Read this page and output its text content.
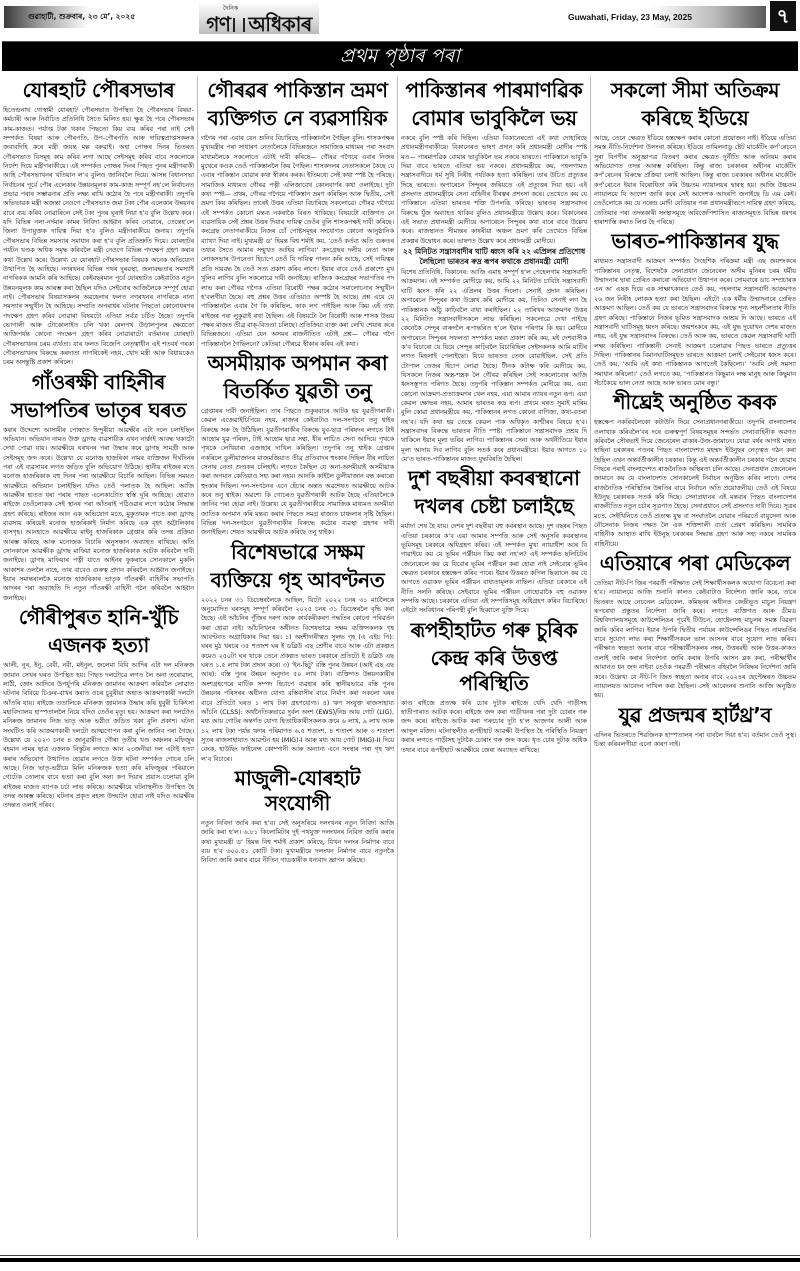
গুৱাহাটী, শুক্ৰবাৰ, ২৩ মে’, ২০২৫
দৈনিক
গণ অধিকাৰ	Guwahati, Friday, 23 May, 2025	৭
প্ৰথম পৃষ্ঠাৰ পৰা
যোৰহাট পৌৰসভাৰ

হিতেন্দ্ৰনাথ গোস্বামী যোৰহাট পৌৰসভাত উপস্থিত হৈ পৌৰসভাৰ বিষয়া-কৰ্মচাৰী আৰু নিৰ্বাচিত প্ৰতিনিধি সৈতে মিলিত হয়। ক্ষুব্ধ হৈ পৰে পৌৰসভাৰ কাম-কাজত। পৰ্যাপ্ত টকা থকাৰ পিছতো কিয় ব্যয় কৰিব পৰা নাই সেই সম্পৰ্কত বিষয়া আৰু পৌৰপতি, উপ-পৌৰপতি আৰু দায়িত্বপ্ৰাপ্তসকলক জবাবদিহি কৰে মন্ত্ৰী জয়ন্ত মল্ল বৰুৱাই। অহা পোন্ধৰ দিনৰ ভিতৰত পৌৰসভাত বিসমূহ কাম কৰিব লগা আছে সেইসমূহ কৰিব বাবে সকলোকে নিৰ্দেশ দিয়ে মন্ত্ৰীগৰাকীয়ে। এই সম্পৰ্কত পোন্ধৰ দিনৰ পিছত পুনৰ মন্ত্ৰীগৰাকী আহি পৌৰসভাখনৰ খতিয়ান ল’ব বুলিও জানিবলৈ দিয়ে। আসন্ন বিধানসভা নিৰ্বাচনৰ পূৰ্বে পৌৰ এলেকাৰ উন্নয়নমূলক কাম-কাজ সম্পূৰ্ণ নহ’লে নিৰ্বাচনত প্ৰভাৱ পৰাৰ সম্ভাৱনাৰ প্ৰতি লক্ষ্য ৰাখি কঠোৰ হৈ পৰে মন্ত্ৰীগৰাকী। তদুপৰি অভিভাৱক মন্ত্ৰী অজন্তা নেওগে পৌৰসভাত জমা টকা পৌৰ এলেকাৰ উন্নয়নৰ বাবে ব্যয় কৰিব নোৱাৰিলে সেই টকা পুনৰ ঘূৰাই নিয়া হ’ব বুলি উল্লেখ কৰে। যদি বিভিন্ন নলা-নৰ্দমাৰ কামৰ নিবিদা আহ্বান কৰিব নোৱাৰে, তেন্তেহ’লে জিলা উপায়ুক্তক দায়িত্ব দিয়া হ’ব বুলিও মন্ত্ৰীগৰাকীয়ে জনায়। তদুপৰি পৌৰসভাৰ বিভিন্ন সমস্যাৰ সমাধান কৰা হ’ব বুলি প্ৰতিশ্ৰুতি দিয়ে। যোৰহাটৰ পৰ্যটন খণ্ডক অধিক সমৃদ্ধ কৰিবলৈ মন্ত্ৰী নেওগে বিভিন্ন পদক্ষেপ গ্ৰহণ কৰাৰ কথা উল্লেখ কৰে। উল্লেখ্য যে যোৰহাট পৌৰসভাৰ বিষয়ক অনেক অভিযোগ উত্থাপিত হৈ আহিছে। নগৰখনৰ বিভিন্ন পথৰ দুৰৱস্থা, জলাবদ্ধতাৰ সমস্যাই নাগৰিকক আমনি কৰি আহিছে। কেইবছৰমান পূৰ্বে যোৰহাটত কেইবাটাও নতুন উন্নয়নমূলক কাম আৰম্ভ কৰা হৈছিল যদিও সেইবোৰ আজিলৈকে সম্পূৰ্ণ হোৱা নাই। পৌৰসভাৰ বিষয়াসকলৰ অৱহেলাৰ ফলত নগৰখনৰ নাগৰিকে নানা সমস্যাৰ সন্মুখীন হৈ আহিছে। সম্প্ৰতি অপৰাধৰ ঘটনাৰ পিছতো কোনোধৰণৰ পদক্ষেপ গ্ৰহণ কৰিব নোৱাৰা বিষয়টো এতিয়া সৰ্বত্ৰ চৰ্চিত হৈছে। তদুপৰি ভোগালী আৰু টোকোলাইত চলি থকা ৰেলপথ উড়ালপুলৰ ক্ষেত্ৰতো আজিপৰ্যন্ত কোনো পদক্ষেপ গ্ৰহণ কৰিব নোৱাৰাটো বৰ্তমানৰ যোৰহাট পৌৰসভাখনৰ চৰম ব্যৰ্থতা। যাৰ ফলত বিজেপি নেতৃত্বাধীন এই শতবৰ্ষ গৰকা পৌৰসভাখনৰ বিৰুদ্ধে কৰদাতা নাগৰিকেই নহয়, খোদ মন্ত্ৰী আৰু বিধায়কেও চৰম অসন্তুষ্টি প্ৰকাশ কৰিলে।

গাঁওৰক্ষী বাহিনীৰ
সভাপতিৰ ভাতৃৰ ঘৰত

কৰাৰ উদ্দেশ্যে আসামীৰ পোন্ধাত হিন্দুৰীয়া আৱক্ষীৰ এটা দলে চলাইছিল অভিযান। অভিযান নামত উক্ত ড্ৰাগছ ব্যৱসায়ীক এখন নাৰ্ক্কাই আবদ্ধ থকাটো দেখা পোৱা যায়। আৱক্ষীয়ে ঘৰখনৰ পৰা উদ্ধাৰ কৰে ড্ৰাগছ সামগ্ৰী আৰু সেইসমূহ জব্দ কৰে। উল্লেখ্য যে মনোজ হাজৰিকা নামৰ ব্যক্তিজন দীৰ্ঘদিনৰ পৰা এই ব্যৱসায়ৰ লগত জড়িত বুলি অভিযোগ উঠিছে। স্থানীয় ৰাইজৰ মতে মনোজ হাজৰিকাক বহু দিনৰ পৰা আৱক্ষীয়ে বিচাৰি আছিল। বিভিন্ন সময়ত আৱক্ষীয়ে অভিযান চলাইছিল যদিও তেওঁ পলাতক হৈ আছিল। আজি আৱক্ষীৰ হাতত ধৰা পৰাৰ পাছত এলেকাটোত স্বস্তি ঘূৰি আহিছে। হোৱাত ৰাইজে তেওঁলোকক সেই স্থানৰ পৰা আঁতৰাই পঠিওৱাৰ লগে কঠোৰ সিদ্ধান্ত গ্ৰহণ কৰিছে। ৰাইজৰ আন এক অভিযোগ মতে, মুকুতামক পাতে কৰা ড্ৰাগছ ব্যৱসায় কৰিয়েই মনোজ হাজৰিকাই নিৰ্মাণ কৰিছে এক বৃহৎ অট্টালিকাৰ বাসগৃহ। আনহাতে আৱক্ষীয়ে মাইনু হাজৰিকাক গ্ৰেপ্তাৰ কৰি তদন্ত প্ৰক্ৰিয়া আৰম্ভ কৰিছে আৰু মনোজক বিচাৰি অনুসন্ধান অব্যাহত ৰাখিছে। অতি সোনকালে আৱক্ষীক ড্ৰাগছ মাফিয়া মনোজ হাজৰিকাক আটক কৰিবলৈ দাবী জনাইছে। ড্ৰাগছ মাফিয়াৰ পত্নী যাতে আইনৰ ফুকৰাৰে সোনকালে মুকলি আকাশৰ তললৈ নাহে, তাৰ বাবেও গুৰুত্ব প্ৰদান কৰিবলৈ আহ্বান জনাইছে। ইয়াৰ সমান্তৰালকৈ মনোজ হাজৰিকাৰ ভাতৃক গাঁওৰক্ষী বাহিনীৰ সভাপতি আদৰৰ পৰা অব্যাহতি দি নতুন গাঁওৰক্ষী বাহিনী গঠন কৰিবলৈ আহ্বান জনাইছে।

গৌৰীপুৰত হানি-খুঁচি
এজনক হত্যা

আলী, নুৰ, ইনু, বেবী, নবী, মইনুল, জলেমা বিবি আদিৰ এটা দল মনিৰুজ জামান সেখৰ ঘৰত উপস্থিত হয়। পিছত দলটোৱে লগত লৈ অনা তৰোৱাল, লাঠী, জোং আদিৰে উপৰ্যুপৰি মনিৰুজ জামানৰ আক্ৰমণ কৰিবলৈ লোৱাত ঘটনাৰ বিবিয়ে চিঞৰ-বাখৰ কৰাত ওচৰ চুবুৰীয়া অহাত আক্ৰমণকাৰী দলটো আঁতৰি যায়। ৰাইজে ততালিকে মনিৰুজ জামানক উদ্ধাৰ কৰি ধুবুৰী চিকিৎসা মহাবিদ্যালয় হাস্পতাললৈ নিয়ে যদিও তেওঁৰ মৃত্যু হয়। আক্ৰমণ কৰা দলটোত মনিৰুজ জামানৰ নিজ ভাতৃ আৰু ভগ্নীও জড়িত থকা বুলি প্ৰকাশ। ঘটনা সংঘটিত কৰি আক্ৰমণকাৰী দলটো আত্মগোপন কৰা বুলি জানিব পৰা গৈছে। উল্লেখ্য যে ২০২৩ চনৰ ৪ জানুৱাৰীত গৌৰা তৃতীয় খণ্ড অঞ্চলৰ মফিজুৰ ৰহমান নামৰ ছাত্ৰ এজনক বিস্কুটৰ লগতে আন ২৩জনীয়া দল এটাই হত্যা কৰাৰ অভিযোগ উত্থাপিত হোৱাৰ লগতে উক্ত ঘটনা সম্পৰ্কত গোচৰ চলি আছে। নিজ ভাতৃ-ভগ্নীয়ে মিলি মনিৰুজক হত্যা কৰি মফিজুৰৰ পৰিয়ালে গোটেক তোলাৰ বাবে হত্যা কৰা বুলি অন্য কপ দিয়াৰ প্ৰয়াস চলোৱা বুলি ৰাইজৰ মাজত ব্যাপক চৰ্চা লাভ কৰিছে। আৱক্ষীয়ে ঘটনাস্থলীত উপস্থিত হৈ তদন্ত আৰম্ভ কৰিছে। ঘটনাৰ প্ৰকৃত ৰহস্য উদ্ঘাটন হোৱা নাই যদিও আৱক্ষীৰ তদন্তত ওলাই পৰিব।

গৌৰৱৰ পাকিস্তান ভ্ৰমণ
ব্যক্তিগত নে ব্যৱসায়িক

গগৈৰ পৰা এবাৰ যেন শুনিব বিচাৰিছে পাকিস্তানলৈ গৈছিল বুলি। শাসকপক্ষৰ মুখ্যমন্ত্ৰীৰ পৰা সাধাৰণ নেতালৈকে বিভিন্নজনে সামাজিক মাধ্যমৰ পৰা সংবাদ মাধ্যমলৈকে সকলোতে এটাই দাবী কৰিছে— গৌৰৱ গগৈয়ে এবাৰ নিজৰ মুখেৰে কওক তেওঁ পাকিস্তানলৈ কিয় গৈছিল। শাসকদলৰ নেতাসকলে কৈছে যে এবাৰ পাকিস্তান যোৱাৰ কথা স্বীকাৰ কৰক। ইতিমধ্যে সেই কথা স্পষ্ট হৈ পৰিছে। সামাজিক মাধ্যমত গৌৰৱ পত্নী এলিজাবেথ কোলবাৰ্ণৰ কথা ওলাইছে। দুটা কথা স্পষ্ট— প্ৰথম, গৌৰৱ গগৈয়ে পাকিস্তান ভ্ৰমণ কৰিছিল আৰু দ্বিতীয়, সেই ভ্ৰমণ কিয় কৰিছিল। তাৰেই উত্তৰ এতিয়া বিচাৰিছে সকলোৱে। গৌৰৱ গগৈয়ে এই সম্পৰ্কত কোনো মন্তব্য নকৰাকৈ বিৰত থাকিছে। বিষয়টো ব্যক্তিগত নে ব্যৱসায়িক সেই প্ৰশ্নৰ উত্তৰ দিয়াৰ দায়িত্ব তেওঁৰ বুলি শাসকপক্ষই দাবী কৰিছে। কংগ্ৰেছ নেতাগৰাকীয়ে নিজৰ চোঁ পোষ্টসমূহৰ সংযোগত কোনো আনুষ্ঠানিক ব্যাখ্যা দিয়া নাই। মুখ্যমন্ত্ৰী ড’ হিমন্ত বিশ্ব শৰ্মাই কয়, ‘তেওঁ কৰ্তব্য অতি গুৰুতৰ তথ্যৰ সৈতে আমাৰ সন্মুখত আহিব লাগিব।’ কংগ্ৰেছৰ দলীয় নেতা আৰু লোকসভাৰ উপনেতা হিচাপে তেওঁ যি দায়িত্ব পালন কৰি আছে, সেই দায়িত্বৰ প্ৰতি দায়বদ্ধ হৈ তেওঁ সত্য প্ৰকাশ কৰিব লাগে। ইয়াৰ বাবে তেওঁ প্ৰকাশ্যে মুখ খুলিব লাগিব বুলি সকলোৱে দাবী জনাইছে। ৰাজ্যিক কংগ্ৰেছৰ সভাপতিৰ পদ লাভ কৰা গৌৰৱ গগৈক এতিয়া বিৰোধী পক্ষৰ কঠোৰ সমালোচনাৰ সন্মুখীন হ’বলগীয়া হৈছে। বহু প্ৰশ্নৰ উত্তৰ এতিয়াও অস্পষ্ট হৈ আছে। প্ৰশ্ন এয়ে যে পাকিস্তানলৈ এবাৰ গৈ কি কৰিছিল, কাক লগ পাইছিল আৰু কিয় এই তথ্য ৰাইজৰ পৰা লুকুৱাই ৰখা হৈছিল। এই বিষয়টো লৈ বিৰোধী আৰু শাসক উভয় পক্ষৰ মাজত তীব্ৰ বাক্-বিতণ্ডা চলিছে। প্ৰতিক্ৰিয়া ব্যক্ত কৰা লেখি শেয়াৰ কৰে বিভিন্নজনে। এতিয়া যেন অসমৰ ৰাজনীতিত এটাই প্ৰশ্ন— গৌৰৱ গগৈ পাকিস্তানলৈ গৈছিলনে? কেতিয়া গৌৰৱে স্বীকাৰ কৰিব এই কথা।

অসমীয়াক অপমান কৰা
বিতৰ্কিত যুৱতী তনু

গ্ৰেপ্তাৰৰ দাবী জনাইছিল। তাৰ পিছতে শুকুৰবাৰে আটক হয় যুৱতীগৰাকী। কেৱল এজেৱাইচিপিয়ে নহয়, ৰাজ্যৰ কেইবাটাও দল-সংগঠনে তনু শ্বাইৰ বিৰুদ্ধে সৰু হৈ উঠিছিল। যুৱতীগৰাকীৰ বিৰুদ্ধে যুব-ছাত্ৰ পৰিষদৰ লগতে টাই আহোম যুৱ পৰিষদ, টাই আহোম ছাত্ৰ সন্থা, ধীৰ লাচিত সেনা আদিয়ে পৃথকে পৃথকে লেখিয়াৰা এজাহাৰ দাখিল কৰিছিল। তদুপৰি তনু শ্বাইক গ্ৰেপ্তাৰ নকৰিলে ডুলীয়াজানৰ মাজমজিয়াত তীব্ৰ প্ৰতিবাদৰ হুংকাৰ দিছিল বীৰ লাচিত সেনাৰ নেতা শুণ্ডকৰ চলিহাই। লগতে কৈছিল যে অনা-অসমীয়াই অসমীয়াক কৰা অপমান কেতিয়াও সহ্য কৰা নহয়। আনকি কাইলৈ ডুলীয়াজান বন্ধ কৰাৰো হুংকাৰ দিছিল। দল-সংগঠনৰ এনে হেঁচাৰ অন্তত অৱশেষত আৱক্ষীয়ে আটক কৰে তনু শ্বাইক। অৱশ্যে কি গোচৰত যুৱতীগৰাকী আটক হৈছে এতিয়ালৈকে জানিব পৰা হোৱা নাই। উল্লেখ্য যে যুৱতীগৰাকীয়ে সামাজিক মাধ্যমত অসমীয়া জাতিক অপমান কৰি মন্তব্য কৰাৰ পিছতে সমগ্ৰ ৰাজ্যত চাঞ্চল্যৰ সৃষ্টি হৈছিল। বিভিন্ন দল-সংগঠনে যুৱতীগৰাকীৰ বিৰুদ্ধে কঠোৰ ব্যৱস্থা গ্ৰহণৰ দাবী জনাইছিল। শেষত আৱক্ষীয়ে আটক কৰিছে তনু শ্বাইক।

বিশেষভাৱে সক্ষম
ব্যক্তিয়ে গৃহ আবণ্টনত

২০২২ চনৰ ৩১ ডিচেম্বৰলৈকে আছিল, যিটো ২০২২ চনৰ ৩১ মাৰ্চলৈকে অনুমোদিত ঘৰসমূহ সম্পূৰ্ণ কৰিবলৈ ২০২৫ চনৰ ৩১ ডিচেম্বৰলৈ বৃদ্ধি কৰা হৈছে। এই আঁচনিৰ পুঁজিৰ দৰুণ আৰু কাৰ্যকৰীকৰণ পদ্ধতিৰ কোনো পৰিৱৰ্তন কৰা হোৱা নাই। আঁচনিখনৰ অধীনত বিশেষভাৱে সক্ষম ব্যক্তিসকলক গৃহ আবণ্টনত অগ্ৰাধিকাৰ দিয়া হয়। ১) অংশীদাৰীত্বত সুলভ গৃহ (এ এইচ পি): ঘৰৰ মুঠ খৰচৰ ৩৫ শতাংশ ঘৰ ই ডব্লিউ এছ শ্ৰেণীৰ বাবে আৰু এটা প্ৰকল্পত কমেও ২৫০টা ঘৰ থাকে তেনে প্ৰকল্পত ভাৰত চৰকাৰে প্ৰতিটো ই ডব্লিউ এছ ঘৰত ১.৫ লাখ টকা প্ৰদান কৰে। ৩) ‘ইন-ছিটু’ বস্তি পুনৰ উন্নয়ন (আই এছ এছ আৰ): বস্তি পুনৰ উন্নয়ন অনুদান ৫০ লাখ টকা। ব্যক্তিগত উন্নয়নকাৰীৰ অংশগ্ৰহণেৰে মাটিক সম্পদ হিচাপে ব্যৱহাৰ কৰি স্থানীয়ভাৱে বস্তি পুনৰ উন্নয়নৰ পৰিসৰৰ অধীনত যোগ্য বস্তিবাসীৰ বাবে নিৰ্মাণ কৰা সকলো ঘৰৰ বাবে প্ৰতিটো ঘৰত ১ লাখ টকা গ্ৰহণযোগ্য। ৪) ঋণ সংযুক্ত ৰাজসাহায্য আঁচনি (CLSS): অৰ্থনৈতিকভাৱে দুৰ্বল অংশ (EWS)/নিম্ন আয় গোট (LIG), মধ্য আয় গোটৰ অন্তৰ্গত যোগ্য হিতাধিকাৰীসকলক ক্ৰমে ৬ লাখ, ৯ লাখ আৰু ১২ লাখ টকা পৰ্যন্ত ঋণৰ পৰিমাণত ৬.৫ শতাংশ, ৪ শতাংশ আৰু ৩ শতাংশ সুতৰ ৰাজসাহায্যত আৱণ্টন হয় (MIG)-I আৰু মধ্য আয় গোট (MIG)-II দিয়ে বেংক, হাউছিং ফাইনেন্স কোম্পানী আৰু অন্যান্য এনে সংস্থাৰ পৰা গৃহ ঋণ ল’ব বিচাৰে।

মাজুলী-যোৰহাট সংযোগী

নতুন নিবিদা জাৰি কৰা হ’ব। সেই অনুসৰিয়ে দলংখনৰ নতুন নিবিদা আজি জাৰি কৰা হ’ল। ৬.৮১ কিলোমিটাৰ দুই পথযুক্ত দলংখনৰ নিবিদা জাৰি কৰাৰ কথা মুখ্যমন্ত্ৰী ড’ হিমন্ত বিশ্ব শৰ্মাই প্ৰকাশ কৰিছে, যিখন দলংৰ নিৰ্মাণৰ বাবে ব্যয় হ’ব ৬০০.৫১ কোটি টকা। মুখ্যমন্ত্ৰীয়ে দলংখন নিৰ্মাণৰ বাবে নতুনকৈ নিবিদা জাৰি কৰাৰ বাবে নীতিন গাডকাৰীক ধন্যবাদ জ্ঞাপন কৰিছে।

পাকিস্তানৰ পাৰমাণৱিক
বোমাৰ ভাবুকিলৈ ভয়

নকৰে বুলি স্পষ্ট কৰি দিছিল। এতিয়া বিকানেৰতো এই কথা দোহাৰিছে প্ৰধানমন্ত্ৰীগৰাকীয়ে। বিকানেৰত ভাষণ প্ৰদান কৰি প্ৰধানমন্ত্ৰী মোদীৰ স্পষ্ট মত— পাৰমাণৱিক বোমাৰ ভাবুকিলৈ ভয় নকৰে ভাৰতে। পাকিস্তানে ভাবুকি দিয়া বাবে ভাৰতে এতিয়া ভয় নকৰে। প্ৰধানমন্ত্ৰীয়ে কয়, পহলগামত সন্ত্ৰাসবাদীয়ে ধৰ্ম সুধি নিৰীহ পৰ্যটকক হত্যা কৰিছিল। তাৰ উচিত প্ৰত্যুত্তৰ দিছে ভাৰতে। অপাৰেচন সিন্দুৰৰ জৰিয়তে এই প্ৰত্যুত্তৰ দিয়া হয়। এই প্ৰসংগত প্ৰধানমন্ত্ৰীয়ে সেনা বাহিনীৰ বীৰত্বৰ প্ৰশংসা কৰে। তেখেতে কয় যে পাকিস্তানে এতিয়া ভাৰতৰ শক্তি উপলব্ধি কৰিছে। ভাৰতৰ সন্ত্ৰাসবাদৰ বিৰুদ্ধে যুঁজ অব্যাহত থাকিব বুলিও প্ৰধানমন্ত্ৰীয়ে উল্লেখ কৰে। বিকানেৰৰ এই সভাত প্ৰধানমন্ত্ৰী মোদীয়ে অপাৰেচন সিন্দুৰৰ কথা বাৰে বাৰে উল্লেখ কৰে। ৰাজস্থানত সীমান্তৰ কাষৰীয়া অঞ্চল ভ্ৰমণ কৰি তেখেতে বিভিন্ন প্ৰকল্পৰ উদ্বোধন কৰে। ভাষণত উল্লেখ কৰে প্ৰধানমন্ত্ৰী মোদীয়ে।

২২ মিনিটত সন্ত্ৰাসবাদীৰ ঘাটি ধ্বংস কৰি ২২ এপ্ৰিলৰ প্ৰতিশোধ লৈছিলো ভাৰতৰ ৰুদ্ৰ ৰূপৰ কথাকে প্ৰধানমন্ত্ৰী মোদী

বিশেষ প্ৰতিনিধি, বিকানেৰ: আজি এমাহ সম্পূৰ্ণ হ’ল পেহেলগাম সন্ত্ৰাসবাদী আক্ৰমণৰ। এই সম্পৰ্কত মোদীয়ে কয়, আমি ২২ মিনিটত চাবিটা সন্ত্ৰাসবাদী ঘাটি ধ্বংস কৰি ২২ এপ্ৰিলৰ উত্তৰ দিলো। সেনাই প্ৰদান কৰিছিল। অপাৰেচন সিন্দুৰৰ কথা উল্লেখ কৰি মোদীয়ে কয়, তিনিও সেনাই লগ হৈ পাকিস্তানক আঁঠু কাঢ়িবলৈ বাধ্য কৰাইছিল। ২২ তাৰিখৰ আক্ৰমণৰ উত্তৰ ২২ মিনিটত সন্ত্ৰাসবাদীসকলে লাভ কৰিছিল। সকলোৱে দেখা পাইছে কেনেকৈ সেন্দূৰ বাৰুদলৈ ৰূপান্তৰিত হ’লে ইয়াৰ পৰিণাম কি হয়। মোদীয়ে অপাৰেচন সিন্দুৰৰ সফলতা সম্পৰ্কত মন্তব্য প্ৰকাশ কৰি কয়, মই দেশবাসীক ক’ব বিচাৰো যে যিয়ে সেন্দূৰ কাঢ়িবলৈ বিচাৰিছিল সেইসকলক আমি মাটিৰ লগত মিহলাই পেলাইছো। যিয়ে ভাৰতত তেজ বোৱাইছিল, সেই প্ৰতি টোপাল তেজৰ হিচাপ লোৱা হৈছে। টীনক কটাক্ষ কৰি মোদীয়ে কয়, যিসকলে নিজৰ অস্ত্ৰ-শস্ত্ৰক লৈ গৌৰৱ কৰিছিল সেই সকলোবোৰ আজি ধ্বংসস্তূপত পৰিণত হৈছে। তদুপৰি পাকিস্তান সম্পৰ্কত মোদীয়ে কয়, এয়া কোনো আক্ৰমণ-প্ৰত্যাক্ৰমণৰ খেল নহয়, এয়া আমাৰ ন্যায়ৰ নতুন ৰূপ। এয়া কেৱল ক্ষোভৰ নহয়, আমাৰ ভাৰতৰ ৰুদ্ৰ ৰূপ। প্ৰথমে ঘৰত সুমাই মাৰিম বুলি কোৱা প্ৰধানমন্ত্ৰীয়ে কয়, পাকিস্তানৰ লগত কোনো বাণিজ্য, কথা-বতৰা নহ’ব। যদি কথা হয় তেন্তে কেৱল পাক অধিকৃত কাশ্মীৰৰ বিষয়ে হ’ব। সন্ত্ৰাসবাদৰ বিৰুদ্ধে ভাৰতৰ নীতি স্পষ্ট। পাকিস্তানে সন্ত্ৰাসবাদক প্ৰশ্ৰয় দি থাকিলে ইয়াৰ মূল্য ভৰিব লাগিব। পাকিস্তানৰ সেনা আৰু অৰ্থনীতিয়ে ইয়াৰ মূল্য আদায় দিব লাগিব বুলি সতৰ্ক কৰে প্ৰধানমন্ত্ৰীয়ে। ইয়াৰ আগতে ১০ মে’ত ভাৰত-পাকিস্তানৰ মাজত যুদ্ধবিৰতি হৈছিল।

দুশ বছৰীয়া কবৰস্থানো
দখলৰ চেষ্টা চলাইছে

মৰ্যাদা শেষ হৈ যায়। দেশৰ দুশ বছৰীয়া বহু কবৰস্থান আছে। দুশ বছৰৰ পিছত এতিয়া চৰকাৰে ক’ব এয়া আমাৰ সম্পত্তি আৰু সেই অনুসৰি কবৰস্থানৰ ভূমিসমূহ চৰকাৰে অধিগ্ৰহণ কৰিব। এই সম্পৰ্কত মুখ্য ন্যায়াধীশ আৰ বি গাৱাইয়ে কয় যে ভূমিৰ পঞ্জীয়ন কিয় কৰা নহ’ল? এই সম্পৰ্কত ছলিচিটৰ জেনেৰেলে কয় যে যিবোৰ ভূমিৰ পঞ্জীয়ন কৰা হোৱা নাই সেইবোৰ ভূমিৰ ক্ষেত্ৰত চৰকাৰে হস্তক্ষেপ কৰিব পাৰে। ইয়াৰ উত্তৰত কপিল ছিব্বালে কয় যে আগতে ওৱাকফ ভূমিৰ পঞ্জীয়ন বাধ্যতামূলক নাছিল। এতিয়া চৰকাৰে এই নীতি সলনি কৰিছে। সেইবাবে ভূমিৰ পঞ্জীয়ন নোহোৱাকৈ বহু ওৱাকফ সম্পত্তি আছে। চৰকাৰে এতিয়া এই সম্পত্তিসমূহ অধিগ্ৰহণ কৰিব বিচাৰিছে। এইটো সংবিধানৰ পৰিপন্থী বুলি ছিব্বালে যুক্তি দিয়ে।

ৰূপহীহাটত গৰু চুৰিক
কেন্দ্ৰ কৰি উত্তপ্ত পৰিস্থিতি

কাণ্ড ৰাইজে প্ৰত্যক্ষ কৰি চোৰ দুটাক ৰাইজে খেদি খেদি গাড়ীসহ হাতীপাৰাত আটক কৰে। ৰাইজে জব্দ কৰা গাড়ীখনৰ পৰা দুটা চোৰাং গৰু জব্দ কৰে। ৰাইজে আটক কৰা গৰুচোৰ দুটা হ’ল আজগৰ আলী আৰু আব্দুল মজিদ। ঘটনাস্থলীত ৰূপহীহাট আৱক্ষী উপস্থিত হৈ পৰিস্থিতি নিয়ন্ত্ৰণ কৰাৰ লগতে গাড়ীসহ দুটাকৈ চোৰাং গৰু জব্দ কৰে। ধৃত চোৰ দুটাক অধিক তথ্যৰ বাবে ৰূপহীহাট আৱক্ষীয়ে জেৰা অব্যাহত ৰাখিছে।

সকলো সীমা অতিক্ৰম
কৰিছে ইডিয়ে

আছে, তেনে ক্ষেত্ৰত ইডিয়ে হস্তক্ষেপ কৰাৰ কোনো প্ৰয়োজন নাই। ইডিয়ে এতিয়া সমস্ত নীতি-নিৰ্দেশনা উলংঘা কৰিছে। ইডিয়ে তামিলনাডু ষ্টেট মাৰ্কেটিং কৰ্প’ৰেচনে সুৰা বিপণীৰ অনুজ্ঞাপত্ৰ বিতৰণ কৰাৰ ক্ষেত্ৰত দুৰ্নীতি আৰু অনিয়ম কৰাৰ অভিযোগত তদন্ত আৰম্ভ কৰিছিল। কিন্তু ৰাজ্য চৰকাৰৰ অধীনৰ মাৰ্কেটিং কৰ্প’ৰেচনৰ বিৰুদ্ধে প্ৰক্ৰিয়া চলাই আছিল। কিন্তু ৰাজ্য চৰকাৰৰ অধীনৰ মাৰ্কেটিং কৰ্প’ৰেচনে ইয়াৰ বিৰোধিতা কৰি উচ্চতম ন্যায়ালয়ৰ দ্বাৰস্থ হয়। আজি উচ্চতম ন্যায়ালয়ে যি আদেশ জাৰি কৰে সেই আদেশক আদৰণি জনাইছে ডি এম কেই। তেওঁলোকে কয় যে নৰেন্দ্ৰ মোদী যেতিয়াৰ পৰা প্ৰধানমন্ত্ৰীৰূপে দায়িত্ব গ্ৰহণ কৰিছে, তেতিয়াৰ পৰা তদন্তকাৰী সংস্থাসমূহে অবিজেপিশাসিত ৰাজ্যসমূহত বিভিন্ন ধৰণৰ হাৰাশাস্তি কৰাত লিপ্ত হৈ পৰিছে।

ভাৰত-পাকিস্তানৰ যুদ্ধ

মাধ্যমত সন্ত্ৰাসবাদী আক্ৰমণ সম্পৰ্কত দৈহেশিক পৰিক্ৰমা মন্ত্ৰী এছ জয়শংকৰে পাকিস্তানৰ নেতৃত্ব, বিশেষকৈ সেনাপ্ৰধান জেনেৰেল অসীম মুনিৰৰ চৰম ধৰ্মীয় উম্মাদনাৰ দ্বাৰা প্ৰেৰিত কৰাৰো অভিযোগ উত্থাপন কৰে। সোমবাৰে ডাচ সম্প্ৰচাৰক এন অ’ এছক দিয়ে এক সাক্ষাৎকাৰত তেওঁ কয়, পহলগাম সন্ত্ৰাসবাদী আক্ৰমণত ২৬ জন নিৰীহ লোকক হত্যা কৰা হৈছিল। এইটো এক ধৰ্মীয় উম্মাদনাৰে প্ৰেৰিত আক্ৰমণ আছিল। তেওঁ কয় যে ভাৰতে সন্ত্ৰাসবাদৰ বিৰুদ্ধে শূন্য সহনশীলতাৰ নীতি গ্ৰহণ কৰিছে। পাকিস্তানে নিজৰ ভূমিত সন্ত্ৰাসবাদক আশ্ৰয় দি আছে। ভাৰতে এই সন্ত্ৰাসবাদী ঘাটিসমূহ ধ্বংস কৰিছে। জয়শংকৰে কয়, এই যুদ্ধ দুয়োখন দেশৰ মাজত নহয়, এই যুদ্ধ সন্ত্ৰাসবাদৰ বিৰুদ্ধে। তেওঁ আৰু কয়, ভাৰতে কেৱল সন্ত্ৰাসবাদী ঘাটি লক্ষ্য কৰিছিল। পাকিস্তানী সেনাই আক্ৰমণ চলোৱাৰ পিছত ভাৰতে প্ৰত্যুত্তৰ দিছিল। পাকিস্তানৰ বিমানঘাটিসমূহত ভাৰতে আক্ৰমণ চলাই সেইবোৰ ধ্বংস কৰে। তেওঁ কয়, ‘আমি এই কথা পাকিস্তানক আগতেই কৈছিলো।’ ‘আমি সেই সমস্যা সমাধান কৰিলো।’ তেওঁ লগতে কয়, ‘পাকিস্তানত কিছুমান লক্ষ মানুহ আৰু কিছুমান সঁচাকৈয়ে ভাল নেতা আছে আৰু ভাৰত মোৰ বন্ধু।’

শীঘ্ৰেই অনুষ্ঠিত কৰক

হস্তক্ষেপ নকৰিবলৈকো কটাউনি দিয়ে সেনাপ্ৰধানগৰাকীয়ে। তদুপৰি বাংলাদেশৰ ওলাখাক কৰিবলৈ’বৰ দৰে গুৰুত্বপূৰ্ণ বিষয়সমূহৰ সন্দৰ্ভত সেনাবাহিনীক অৱগত কৰিবলৈ সৌৰভাই দিয়ে জেনেৰেল ৱাকাৰ-উজ-জামানে। যোৱা বৰ্ষৰ আগষ্ট মাহত হাছিনা চৰকাৰৰ পতনৰ পিছত বাংলাদেশত মহম্মদ ইউনুছৰ নেতৃত্বত গঠন কৰা হৈছিল এখন অন্তৰ্বৰ্তীকালীন চৰকাৰ। কিন্তু এই অন্তৰ্বৰ্তীকালীন চৰকাৰ গঠন হোৱাৰ পিছৰে পৰাই বাংলাদেশত ৰাজনৈতিক অস্থিৰতা চলি আছে। সেনাপ্ৰধান জেনেৰেল জামানে কয় যে বাংলাদেশত সোনকালেই নিৰ্বাচন অনুষ্ঠিত কৰিব লাগে। দেশৰ ৰাজনৈতিক পৰিস্থিতিৰ উন্নতিৰ বাবে নিৰ্বাচন অতি প্ৰয়োজনীয়। তেওঁ এই বিষয়ে ইউনুছ চৰকাৰক সতৰ্ক কৰি দিছে। সেনাপ্ৰধানৰ এই মন্তব্যৰ পিছত বাংলাদেশৰ ৰাজনীতিত নতুন চৰ্চাৰ সূত্ৰপাত হৈছে। সেনাপ্ৰধানে সেই প্ৰসংগত দাবী দিয়ে। সূত্ৰৰ মতে, সেইখিনিতে তেওঁ প্ৰত্যক্ষ যুদ্ধ বা সংঘাতলৈ যোৱাৰ পৰিৱৰ্তে বায়ুসেনা আৰু নৌসেনাক নিজৰ পক্ষত লৈ এক শক্তিশালী বাৰ্তা প্ৰেৰণ কৰিছিল। সামৰিক বাহিনীক আস্থাত ৰাখি ইউনুছ চৰকাৰৰ সিদ্ধান্ত গ্ৰহণ আৰু সহ্য নকৰে সামৰিক বাহিনীয়ে।

এতিয়াৰে পৰা মেডিকেল

তেতিয়া নীট-পি জিৰ পৰৱৰ্তী পৰীক্ষাত সেই শিক্ষাৰ্থীসকলক অযোগ্য বিবেচনা কৰা হ’ব। ন্যায়ালয়ে আজি শুনানি কালত কেইবাটাও নিৰ্দেশনা জাৰি কৰে, তাৰে ভিতৰত আছে নেচনেল মেডিকেল, কমিছনৰ অধীনত কেন্দ্ৰীভূত মাচুল নিয়ন্ত্ৰণ ৰূপৰেখা প্ৰস্তুতৰ নিৰ্দেশনা জাৰি কৰে। লগতে ব্যক্তিগত আৰু ডীমড বিশ্ববিদ্যালয়সমূহে কাউন্সেলিঙৰ পূৰ্বেই টিউচন, হোষ্টেলসহ মাচুলৰ সমস্ত বিৱৰণ জাৰি কৰিব লাগিব। ইয়াৰ উপৰি দ্বিতীয় পৰ্যায়ৰ কাউন্সেলিঙৰ পিছত নামভৰ্তিৰ বাবে সুযোগ লাভ কৰা শিক্ষাৰ্থীসকলে ভাল আসনৰ বাবে সুযোগ লাভ কৰিব। পৰীক্ষাত স্বচ্ছতা অনাৰ বাবে পৰীক্ষাৰ্থীসকলৰ নম্বৰ, উত্তৰবহী আৰু উত্তৰ-কাকত ওলাই জাৰি কৰাৰ নিৰ্দেশনা জাৰি কৰাৰ উপৰি আসন ব্লক কৰা, পৰীক্ষাৰ্থীৰ আমানত ধন জব্দ নাইবা তেওঁক পৰৱৰ্তী পৰীক্ষাত বহিবলৈ নিষিদ্ধৰ নিৰ্দেশনা জাৰি কৰে। উল্লেখ্য যে নীট-পি জিত স্বচ্ছতা অনাৰ বাবে ২০২৪ৰ ছেপ্টেম্বৰত উচ্চতম ন্যায়ালয়ত আবেদন দাখিল কৰা হৈছিল। সেই আবেদনৰ শুনানি আজি অনুষ্ঠিত হয়।

যুৱ প্ৰজন্মৰ হাৰ্টথ্ৰ’ব

এদিনৰ ভিতৰতে শিৱজিনক হাস্পতালৰ পৰা যাবলৈ দিয়া হ’ব। বৰ্তমান তেওঁ সুস্থ। চিন্তা কৰিবলগীয়া এনো কাৰণ নাই।
